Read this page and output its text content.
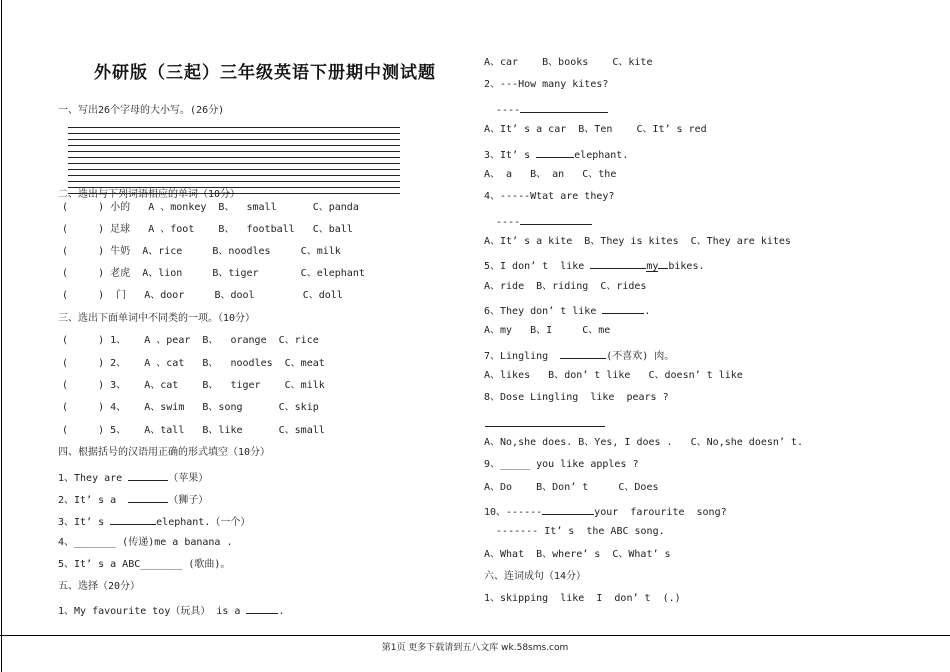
外研版（三起）三年级英语下册期中测试题
一、写出26个字母的大小写。(26分)
二、选出与下列词语相应的单词（10分）
(     ) 小的   A 、monkey  B、  small      C、panda
(     ) 足球   A 、foot    B、  football   C、ball
(     ) 牛奶  A、rice     B、noodles     C、milk
(     ) 老虎  A、lion     B、tiger       C、elephant
(     )  门   A、door     B、dool        C、doll
三、选出下面单词中不同类的一项。（10分）
(     ) 1、   A 、pear  B、  orange  C、rice
(     ) 2、   A 、cat   B、  noodles  C、meat
(     ) 3、   A、cat    B、  tiger    C、milk
(     ) 4、   A、swim   B、song      C、skip
(     ) 5、   A、tall   B、like      C、small
四、根据括号的汉语用正确的形式填空（10分）
1、They are	（苹果）
2、It’ s a	（狮子）
3、It’ s	elephant.（一个）
4、_______ (传递)me a banana .
5、It’ s a ABC_______ (歌曲)。
五、选择（20分）
1、My favourite toy（玩具） is a	.
A、car    B、books    C、kite
2、---How many kites?
----
A、It’ s a car  B、Ten    C、It’ s red
3、It’ s	elephant.
A、 a   B、 an   C、the
4、-----Wtat are they?
----
A、It’ s a kite  B、They is kites  C、They are kites
5、I don’ t  like	my bikes.
A、ride  B、riding  C、rides
6、They don’ t like	.
A、my   B、I     C、me
7、Lingling	(不喜欢) 肉。
A、likes   B、don’ t like   C、doesn’ t like
8、Dose Lingling  like  pears ?
A、No,she does. B、Yes, I does .   C、No,she doesn’ t.
9、_____ you like apples ?
A、Do    B、Don’ t     C、Does
10、------	your  farourite  song?
------- It’ s  the ABC song.
A、What  B、where’ s  C、What’ s
六、连词成句（14分）
1、skipping  like  I  don’ t  (.)
第1页 更多下载请到五八文库 wk.58sms.com
